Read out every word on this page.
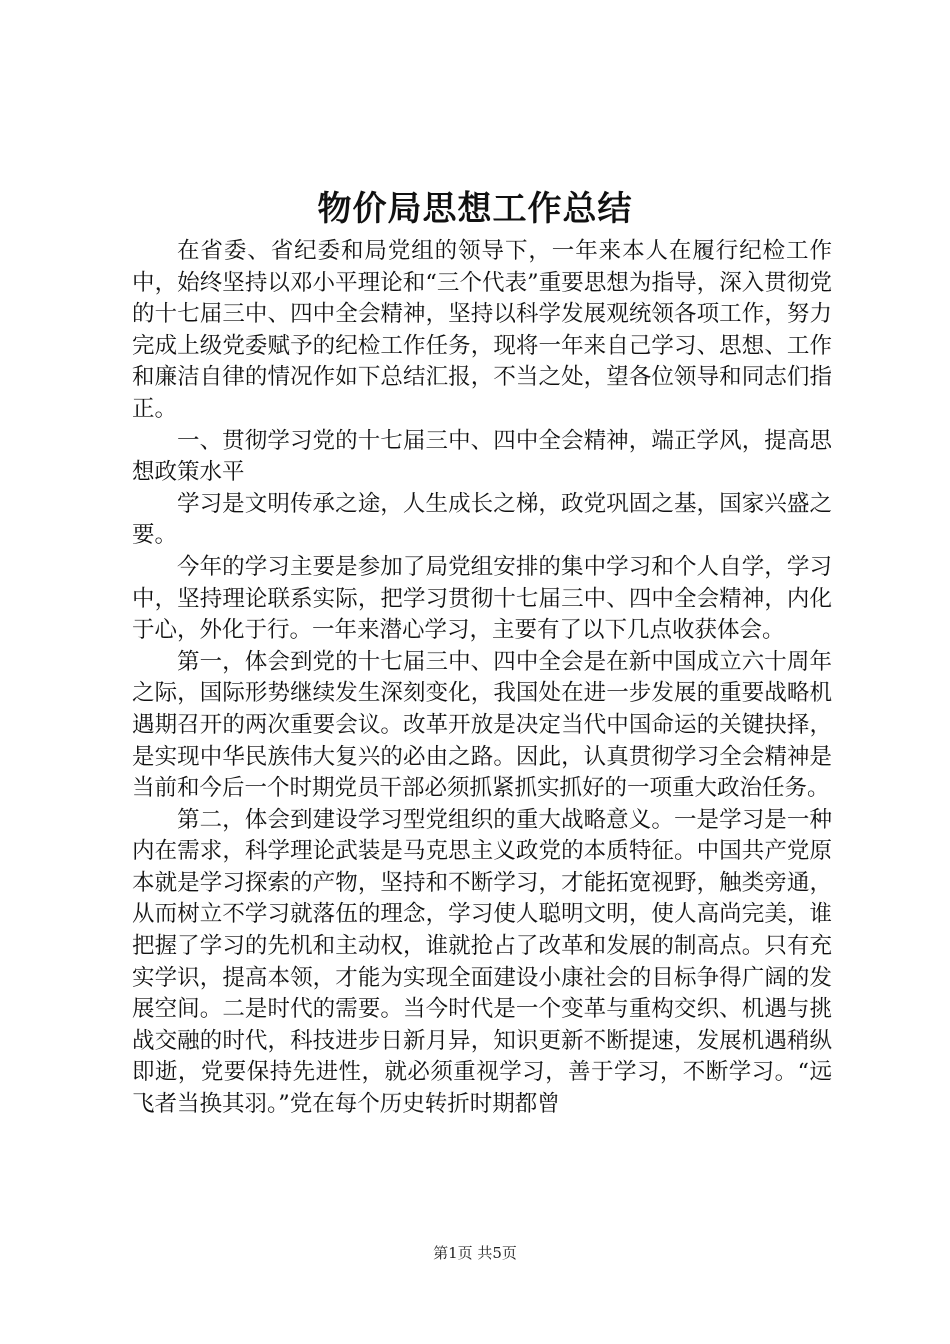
物价局思想工作总结

在省委、省纪委和局党组的领导下，一年来本人在履行纪检工作中，始终坚持以邓小平理论和“三个代表”重要思想为指导，深入贯彻党的十七届三中、四中全会精神，坚持以科学发展观统领各项工作，努力完成上级党委赋予的纪检工作任务，现将一年来自己学习、思想、工作和廉洁自律的情况作如下总结汇报，不当之处，望各位领导和同志们指正。

一、贯彻学习党的十七届三中、四中全会精神，端正学风，提高思想政策水平

学习是文明传承之途，人生成长之梯，政党巩固之基，国家兴盛之要。

今年的学习主要是参加了局党组安排的集中学习和个人自学，学习中，坚持理论联系实际，把学习贯彻十七届三中、四中全会精神，内化于心，外化于行。一年来潜心学习，主要有了以下几点收获体会。

第一，体会到党的十七届三中、四中全会是在新中国成立六十周年之际，国际形势继续发生深刻变化，我国处在进一步发展的重要战略机遇期召开的两次重要会议。改革开放是决定当代中国命运的关键抉择，是实现中华民族伟大复兴的必由之路。因此，认真贯彻学习全会精神是当前和今后一个时期党员干部必须抓紧抓实抓好的一项重大政治任务。

第二，体会到建设学习型党组织的重大战略意义。一是学习是一种内在需求，科学理论武装是马克思主义政党的本质特征。中国共产党原本就是学习探索的产物，坚持和不断学习，才能拓宽视野，触类旁通，从而树立不学习就落伍的理念，学习使人聪明文明，使人高尚完美，谁把握了学习的先机和主动权，谁就抢占了改革和发展的制高点。只有充实学识，提高本领，才能为实现全面建设小康社会的目标争得广阔的发展空间。二是时代的需要。当今时代是一个变革与重构交织、机遇与挑战交融的时代，科技进步日新月异，知识更新不断提速，发展机遇稍纵即逝，党要保持先进性，就必须重视学习，善于学习，不断学习。“远飞者当换其羽。”党在每个历史转折时期都曾

第1页 共5页
